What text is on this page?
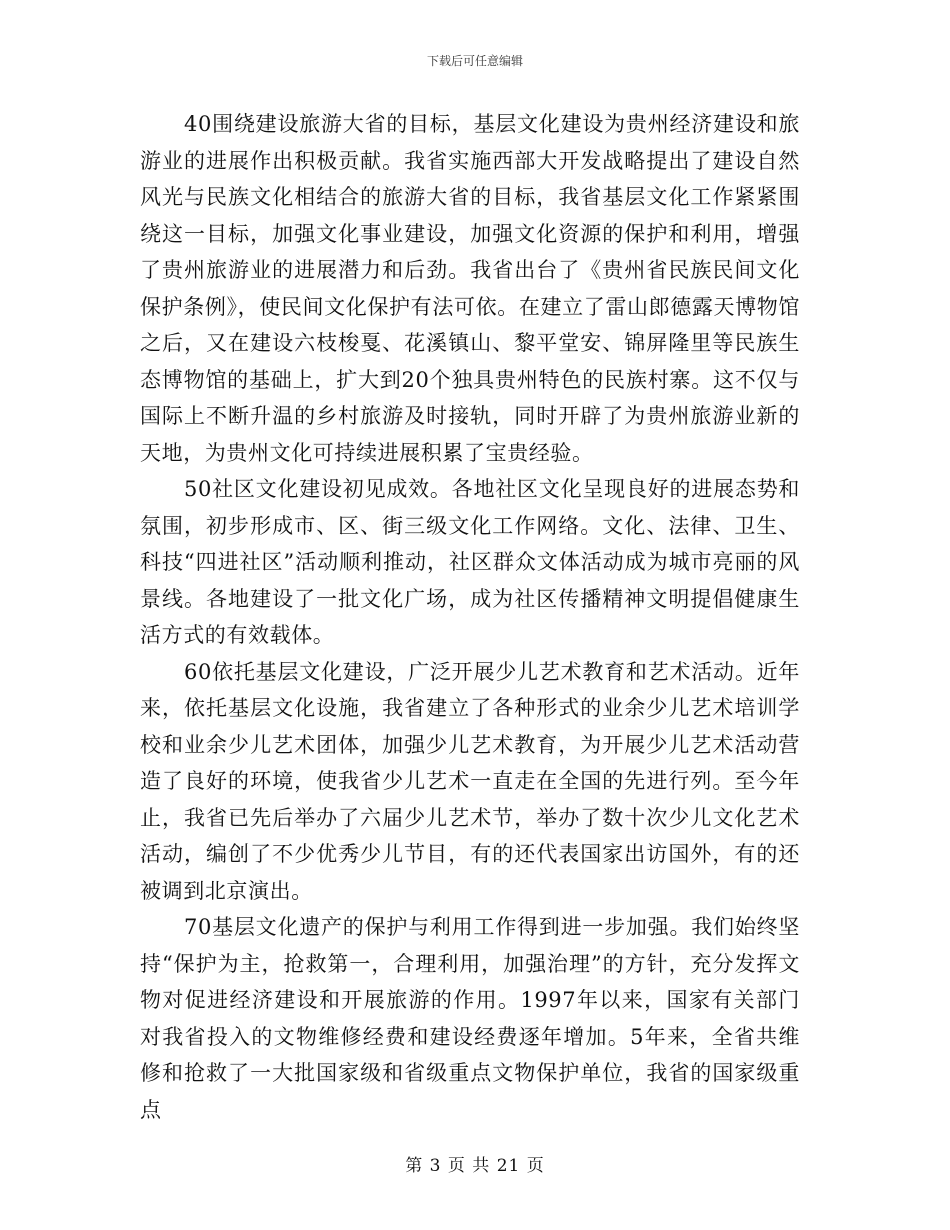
下载后可任意编辑

40围绕建设旅游大省的目标，基层文化建设为贵州经济建设和旅游业的进展作出积极贡献。我省实施西部大开发战略提出了建设自然风光与民族文化相结合的旅游大省的目标，我省基层文化工作紧紧围绕这一目标，加强文化事业建设，加强文化资源的保护和利用，增强了贵州旅游业的进展潜力和后劲。我省出台了《贵州省民族民间文化保护条例》，使民间文化保护有法可依。在建立了雷山郎德露天博物馆之后，又在建设六枝梭戛、花溪镇山、黎平堂安、锦屏隆里等民族生态博物馆的基础上，扩大到20个独具贵州特色的民族村寨。这不仅与国际上不断升温的乡村旅游及时接轨，同时开辟了为贵州旅游业新的天地，为贵州文化可持续进展积累了宝贵经验。

50社区文化建设初见成效。各地社区文化呈现良好的进展态势和氛围，初步形成市、区、街三级文化工作网络。文化、法律、卫生、科技“四进社区”活动顺利推动，社区群众文体活动成为城市亮丽的风景线。各地建设了一批文化广场，成为社区传播精神文明提倡健康生活方式的有效载体。

60依托基层文化建设，广泛开展少儿艺术教育和艺术活动。近年来，依托基层文化设施，我省建立了各种形式的业余少儿艺术培训学校和业余少儿艺术团体，加强少儿艺术教育，为开展少儿艺术活动营造了良好的环境，使我省少儿艺术一直走在全国的先进行列。至今年止，我省已先后举办了六届少儿艺术节，举办了数十次少儿文化艺术活动，编创了不少优秀少儿节目，有的还代表国家出访国外，有的还被调到北京演出。

70基层文化遗产的保护与利用工作得到进一步加强。我们始终坚持“保护为主，抢救第一，合理利用，加强治理”的方针，充分发挥文物对促进经济建设和开展旅游的作用。1997年以来，国家有关部门对我省投入的文物维修经费和建设经费逐年增加。5年来，全省共维修和抢救了一大批国家级和省级重点文物保护单位，我省的国家级重点

第 3 页 共 21 页
